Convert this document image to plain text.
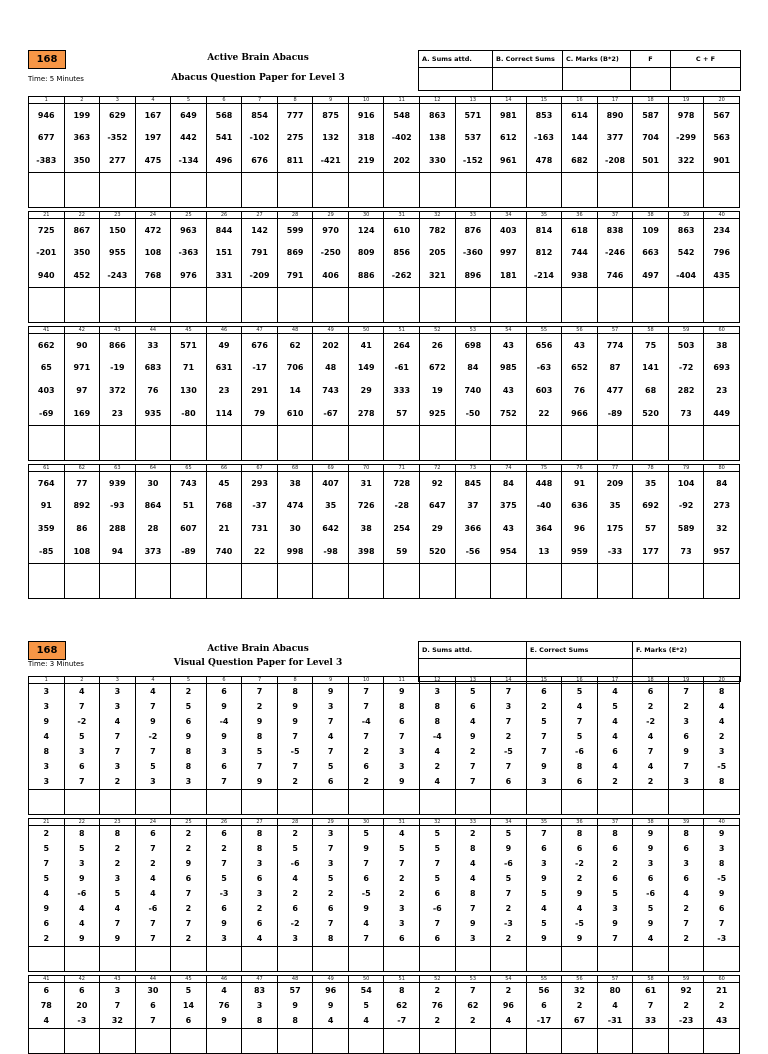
168
Time: 5 Minutes
Active Brain Abacus
Abacus Question Paper for Level 3
A. Sums attd.	B. Correct Sums	C. Marks (B*2)	F	C + F

1	2	3	4	5	6	7	8	9	10	11	12	13	14	15	16	17	18	19	20
946	199	629	167	649	568	854	777	875	916	548	863	571	981	853	614	890	587	978	567
677	363	-352	197	442	541	-102	275	132	318	-402	138	537	612	-163	144	377	704	-299	563
-383	350	277	475	-134	496	676	811	-421	219	202	330	-152	961	478	682	-208	501	322	901

21	22	23	24	25	26	27	28	29	30	31	32	33	34	35	36	37	38	39	40
725	867	150	472	963	844	142	599	970	124	610	782	876	403	814	618	838	109	863	234
-201	350	955	108	-363	151	791	869	-250	809	856	205	-360	997	812	744	-246	663	542	796
940	452	-243	768	976	331	-209	791	406	886	-262	321	896	181	-214	938	746	497	-404	435

41	42	43	44	45	46	47	48	49	50	51	52	53	54	55	56	57	58	59	60
662	90	866	33	571	49	676	62	202	41	264	26	698	43	656	43	774	75	503	38
65	971	-19	683	71	631	-17	706	48	149	-61	672	84	985	-63	652	87	141	-72	693
403	97	372	76	130	23	291	14	743	29	333	19	740	43	603	76	477	68	282	23
-69	169	23	935	-80	114	79	610	-67	278	57	925	-50	752	22	966	-89	520	73	449

61	62	63	64	65	66	67	68	69	70	71	72	73	74	75	76	77	78	79	80
764	77	939	30	743	45	293	38	407	31	728	92	845	84	448	91	209	35	104	84
91	892	-93	864	51	768	-37	474	35	726	-28	647	37	375	-40	636	35	692	-92	273
359	86	288	28	607	21	731	30	642	38	254	29	366	43	364	96	175	57	589	32
-85	108	94	373	-89	740	22	998	-98	398	59	520	-56	954	13	959	-33	177	73	957

168
Time: 3 Minutes
Active Brain Abacus
Visual Question Paper for Level 3
D. Sums attd.	E. Correct Sums	F. Marks (E*2)

1	2	3	4	5	6	7	8	9	10	11	12	13	14	15	16	17	18	19	20
3	4	3	4	2	6	7	8	9	7	9	3	5	7	6	5	4	6	7	8
3	7	3	7	5	9	2	9	3	7	8	8	6	3	2	4	5	2	2	4
9	-2	4	9	6	-4	9	9	7	-4	6	8	4	7	5	7	4	-2	3	4
4	5	7	-2	9	9	8	7	4	7	7	-4	9	2	7	5	4	4	6	2
8	3	7	7	8	3	5	-5	7	2	3	4	2	-5	7	-6	6	7	9	3
3	6	3	5	8	6	7	7	5	6	3	2	7	7	9	8	4	4	7	-5
3	7	2	3	3	7	9	2	6	2	9	4	7	6	3	6	2	2	3	8

21	22	23	24	25	26	27	28	29	30	31	32	33	34	35	36	37	38	39	40
2	8	8	6	2	6	8	2	3	5	4	5	2	5	7	8	8	9	8	9
5	5	2	7	2	2	8	5	7	9	5	5	8	9	6	6	6	9	6	3
7	3	2	2	9	7	3	-6	3	7	7	7	4	-6	3	-2	2	3	3	8
5	9	3	4	6	5	6	4	5	6	2	5	4	5	9	2	6	6	6	-5
4	-6	5	4	7	-3	3	2	2	-5	2	6	8	7	5	9	5	-6	4	9
9	4	4	-6	2	6	2	6	6	9	3	-6	7	2	4	4	3	5	2	6
6	4	7	7	7	9	6	-2	7	4	3	7	9	-3	5	-5	9	9	7	7
2	9	9	7	2	3	4	3	8	7	6	6	3	2	9	9	7	4	2	-3

41	42	43	44	45	46	47	48	49	50	51	52	53	54	55	56	57	58	59	60
6	6	3	30	5	4	83	57	96	54	8	2	7	2	56	32	80	61	92	21
78	20	7	6	14	76	3	9	9	5	62	76	62	96	6	2	4	7	2	2
4	-3	32	7	6	9	8	8	4	4	-7	2	2	4	-17	67	-31	33	-23	43
